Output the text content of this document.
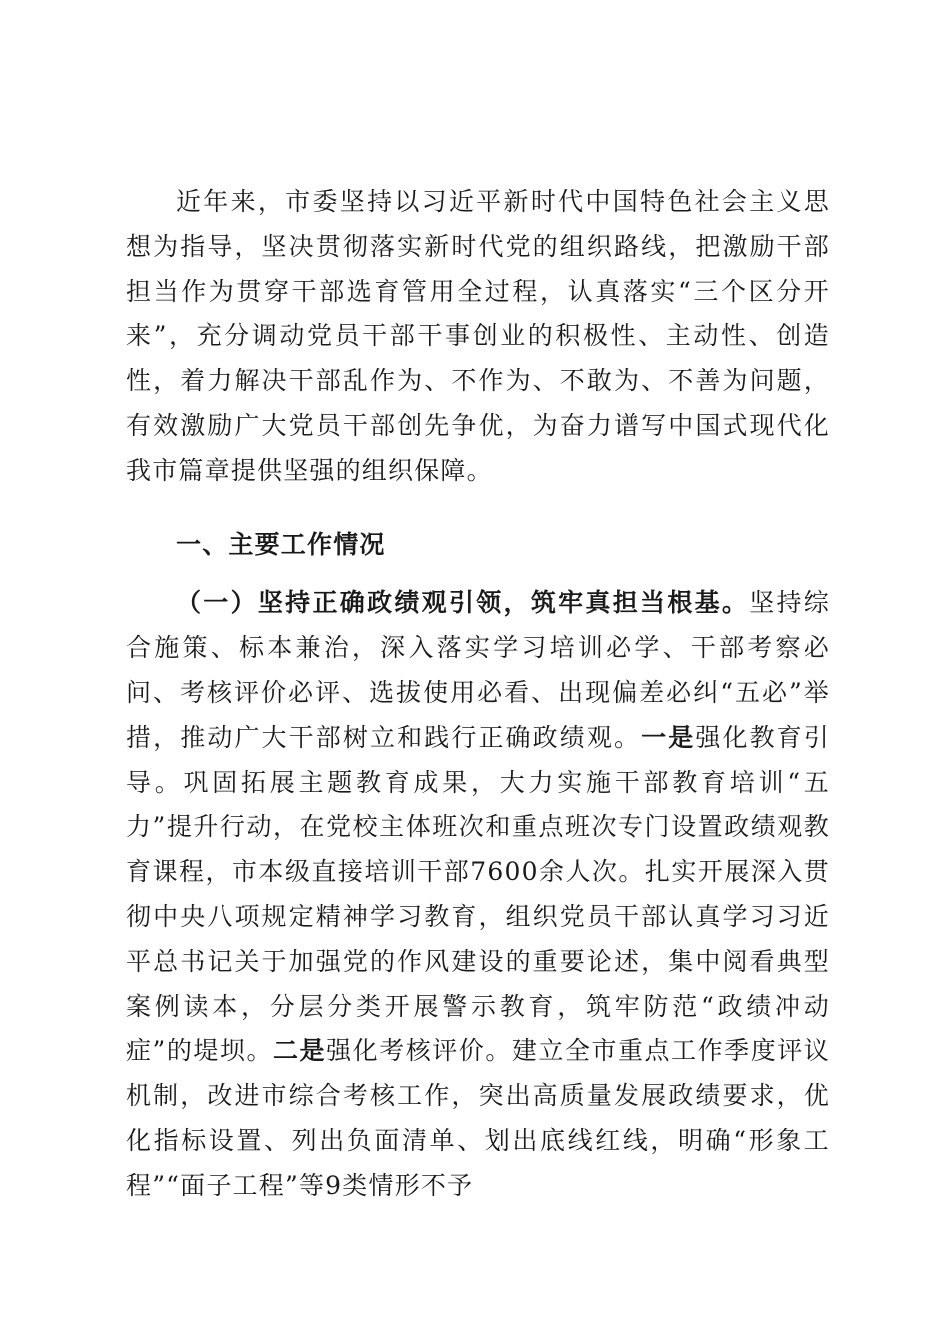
近年来，市委坚持以习近平新时代中国特色社会主义思想为指导，坚决贯彻落实新时代党的组织路线，把激励干部担当作为贯穿干部选育管用全过程，认真落实“三个区分开来”，充分调动党员干部干事创业的积极性、主动性、创造性，着力解决干部乱作为、不作为、不敢为、不善为问题，有效激励广大党员干部创先争优，为奋力谱写中国式现代化我市篇章提供坚强的组织保障。

一、主要工作情况

（一）坚持正确政绩观引领，筑牢真担当根基。坚持综合施策、标本兼治，深入落实学习培训必学、干部考察必问、考核评价必评、选拔使用必看、出现偏差必纠“五必”举措，推动广大干部树立和践行正确政绩观。一是强化教育引导。巩固拓展主题教育成果，大力实施干部教育培训“五力”提升行动，在党校主体班次和重点班次专门设置政绩观教育课程，市本级直接培训干部7600余人次。扎实开展深入贯彻中央八项规定精神学习教育，组织党员干部认真学习习近平总书记关于加强党的作风建设的重要论述，集中阅看典型案例读本，分层分类开展警示教育，筑牢防范“政绩冲动症”的堤坝。二是强化考核评价。建立全市重点工作季度评议机制，改进市综合考核工作，突出高质量发展政绩要求，优化指标设置、列出负面清单、划出底线红线，明确“形象工程”“面子工程”等9类情形不予
